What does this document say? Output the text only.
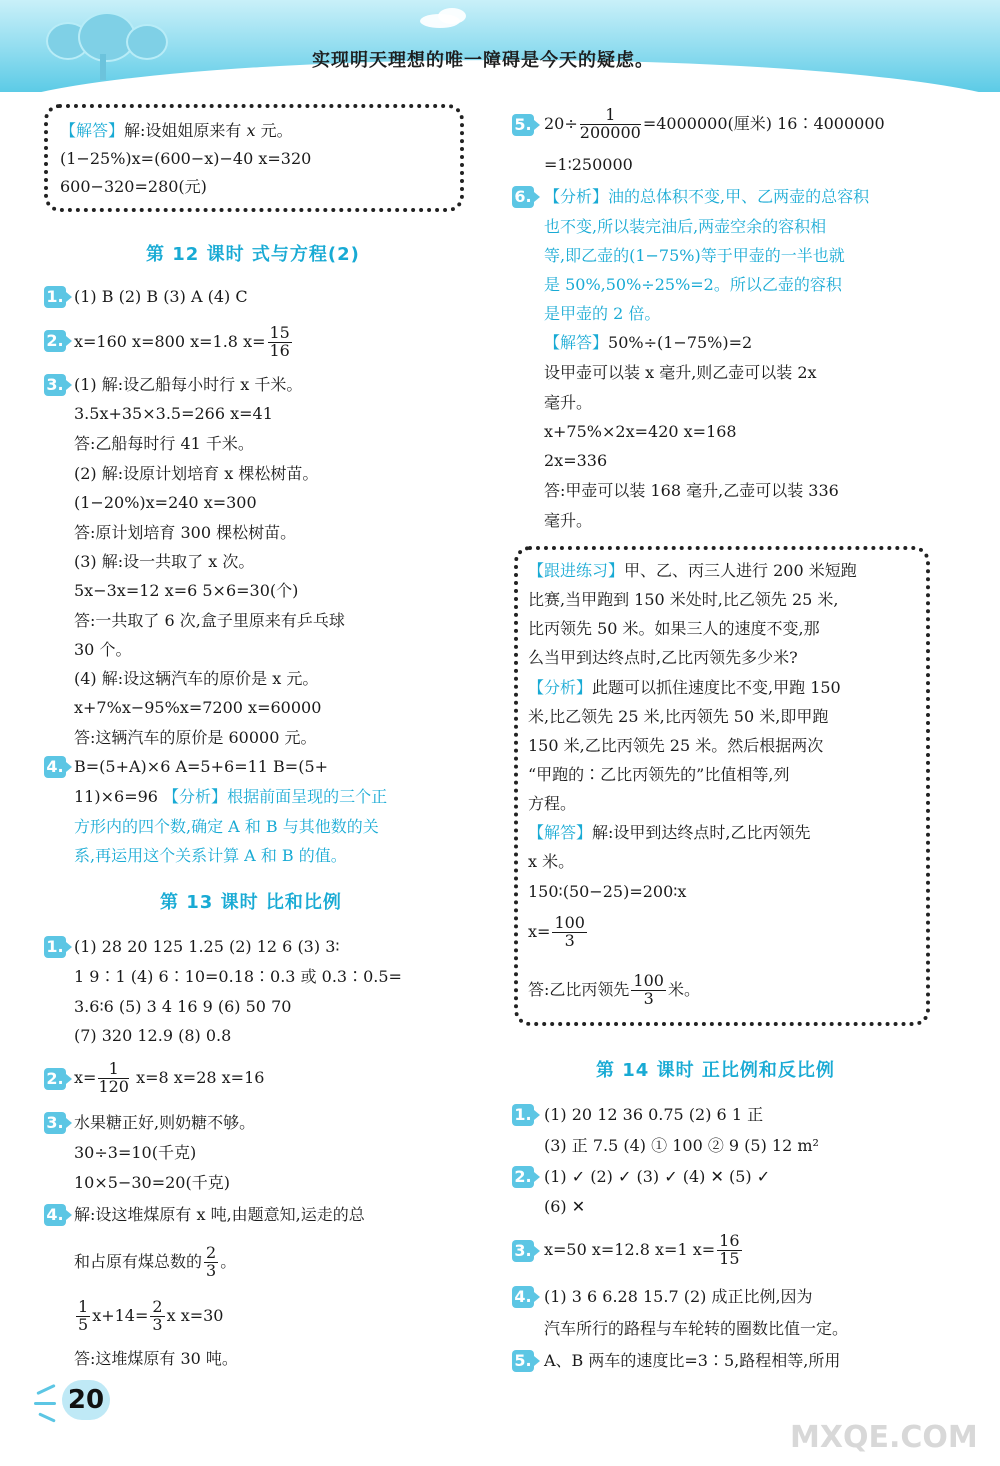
实现明天理想的唯一障碍是今天的疑虑。
【解答】解:设姐姐原来有 x 元。
(1−25%)x=(600−x)−40 x=320
600−320=280(元)
第 12 课时 式与方程(2)
1. (1) B (2) B (3) A (4) C
2. x=160 x=800 x=1.8 $x= \frac{15}{16}$
3. (1) 解:设乙船每小时行 x 千米。
3.5x+35×3.5=266 x=41
答:乙船每时行 41 千米。
(2) 解:设原计划培育 x 棵松树苗。
(1−20%)x=240 x=300
答:原计划培育 300 棵松树苗。
(3) 解:设一共取了 x 次。
5x−3x=12 x=6 5×6=30(个)
答:一共取了 6 次,盒子里原来有乒乓球
30 个。
(4) 解:设这辆汽车的原价是 x 元。
x+7%x−95%x=7200 x=60000
答:这辆汽车的原价是 60000 元。
4. B=(5+A)×6 A=5+6=11 B=(5+
11)×6=96 【分析】根据前面呈现的三个正
方形内的四个数,确定 A 和 B 与其他数的关
系,再运用这个关系计算 A 和 B 的值。
第 13 课时 比和比例
1. (1) 28 20 125 1.25 (2) 12 6 (3) 3∶
1 9∶1 (4) 6∶10=0.18∶0.3 或 0.3∶0.5=
3.6∶6 (5) 3 4 16 9 (6) 50 70
(7) 320 12.9 (8) 0.8
2. $x= \frac{1}{120} x=8$ x=28 x=16
3. 水果糖正好,则奶糖不够。
30÷3=10(千克)
10×5−30=20(千克)
4. 解:设这堆煤原有 x 吨,由题意知,运走的总
和占原有煤总数的 $\frac{2}{3}$ 。
$\frac{1}{5} x+14= \frac{2}{3}$ x x=30
答:这堆煤原有 30 吨。
20
5. $20\div \frac{1}{200000} =4000000$(厘米) 16∶4000000
=1∶250000
6. 【分析】油的总体积不变,甲、乙两壶的总容积
也不变,所以装完油后,两壶空余的容积相
等,即乙壶的(1−75%)等于甲壶的一半也就
是 50%,50%÷25%=2。所以乙壶的容积
是甲壶的 2 倍。
【解答】50%÷(1−75%)=2
设甲壶可以装 x 毫升,则乙壶可以装 2x
毫升。
x+75%×2x=420 x=168
2x=336
答:甲壶可以装 168 毫升,乙壶可以装 336
毫升。
【跟进练习】甲、乙、丙三人进行 200 米短跑
比赛,当甲跑到 150 米处时,比乙领先 25 米,
比丙领先 50 米。如果三人的速度不变,那
么当甲到达终点时,乙比丙领先多少米?
【分析】此题可以抓住速度比不变,甲跑 150
米,比乙领先 25 米,比丙领先 50 米,即甲跑
150 米,乙比丙领先 25 米。然后根据两次
“甲跑的∶乙比丙领先的”比值相等,列
方程。
【解答】解:设甲到达终点时,乙比丙领先
x 米。
150∶(50−25)=200∶x
$x= \frac{100}{3}$
答:乙比丙领先 $\frac{100}{3}$ 米。
第 14 课时 正比例和反比例
1. (1) 20 12 36 0.75 (2) 6 1 正
(3) 正 7.5 (4) ① 100 ② 9 (5) 12 m²
2. (1) ✓ (2) ✓ (3) ✓ (4) ✕ (5) ✓
(6) ✕
3. x=50 x=12.8 x=1 $x= \frac{16}{15}$
4. (1) 3 6 6.28 15.7 (2) 成正比例,因为
汽车所行的路程与车轮转的圈数比值一定。
5. A、B 两车的速度比=3∶5,路程相等,所用
MXQE.COM
